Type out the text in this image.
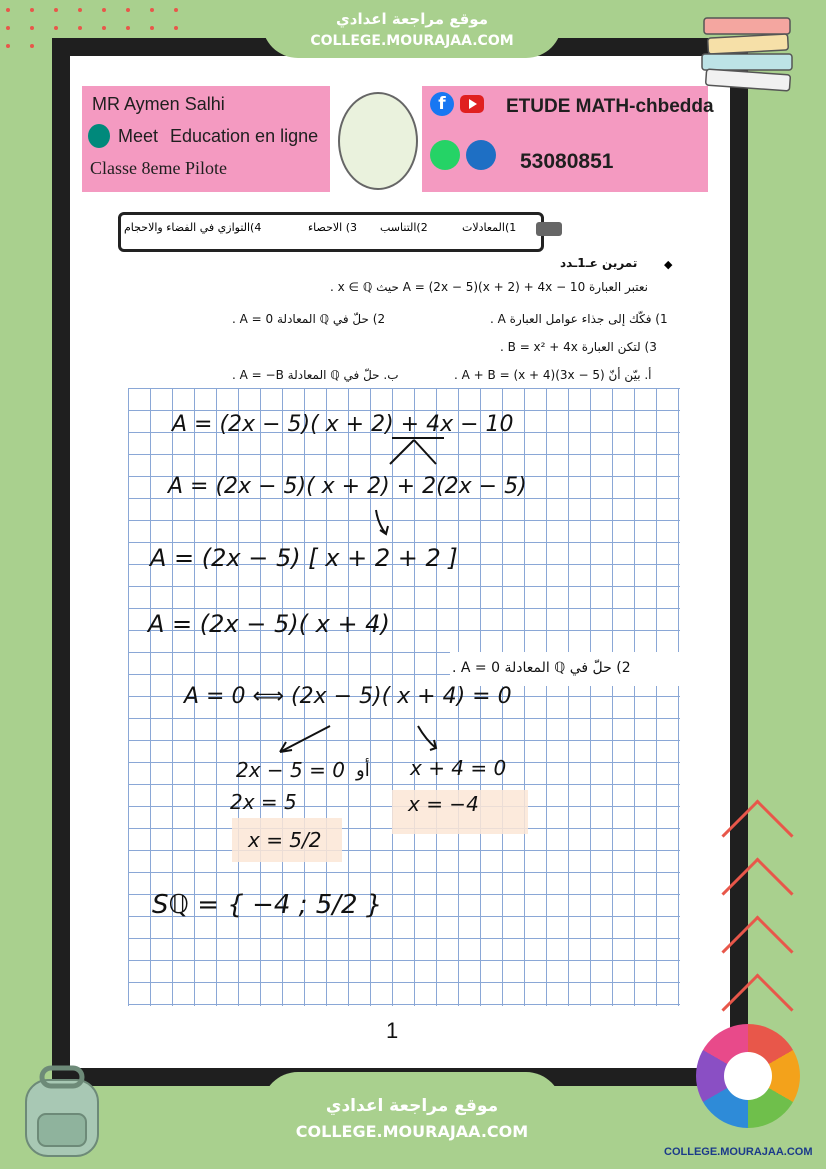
موقع مراجعة اعدادي
COLLEGE.MOURAJAA.COM
MR Aymen Salhi
Meet Education en ligne
Classe 8eme Pilote
f	ETUDE MATH-chbedda
53080851
1)المعادلات
2)التناسب
3) الاحصاء
4)التوازي في الفضاء والاحجام
◆
تمرين عـ1ـدد
نعتبر العبارة A = (2x − 5)(x + 2) + 4x − 10 حيث x ∈ ℚ .
1) فكّك إلى جذاء عوامل العبارة A .
2) حلّ في ℚ المعادلة A = 0 .
3) لتكن العبارة B = x² + 4x .
أ. بيّن أنّ A + B = (x + 4)(3x − 5) .
ب. حلّ في ℚ المعادلة A = −B .
A = (2x − 5)( x + 2) + 4x − 10
A = (2x − 5)( x + 2) + 2(2x − 5)
A = (2x − 5) [ x + 2 + 2 ]
A = (2x − 5)( x + 4)
2) حلّ في ℚ المعادلة A = 0 .
A = 0 ⟺ (2x − 5)( x + 4) = 0
2x − 5 = 0 أو x + 4 = 0
2x = 5	x = −4
x = 5/2
Sℚ = { −4 ; 5/2 }
1
موقع مراجعة اعدادي
COLLEGE.MOURAJAA.COM
COLLEGE.MOURAJAA.COM
